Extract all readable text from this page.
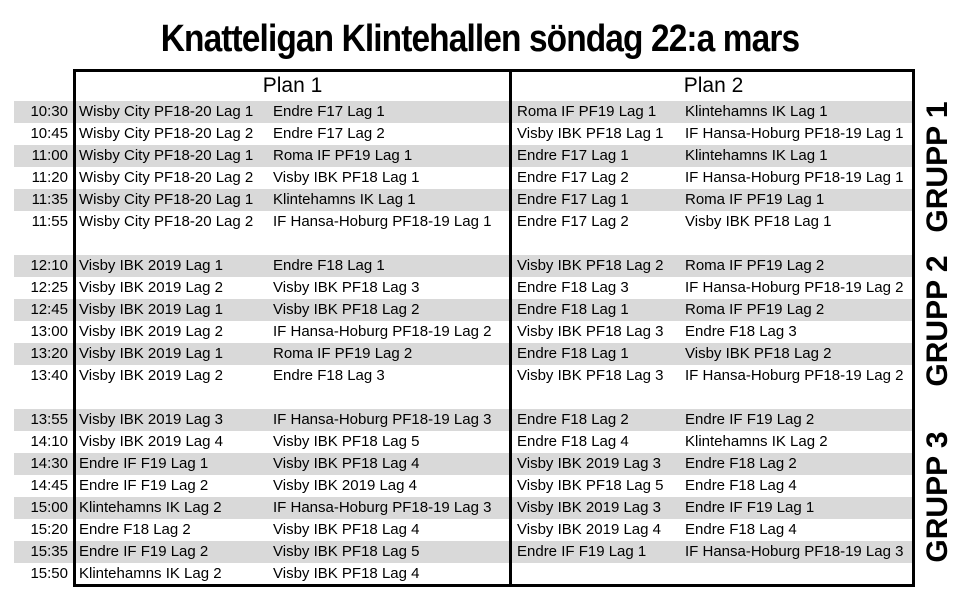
Knatteligan Klintehallen söndag 22:a mars
10:30 Wisby City PF18-20 Lag 1	Endre F17 Lag 1	Roma IF PF19 Lag 1	Klintehamns IK Lag 1
10:45 Wisby City PF18-20 Lag 2	Endre F17 Lag 2	Visby IBK PF18 Lag 1	IF Hansa-Hoburg PF18-19 Lag 1
11:00 Wisby City PF18-20 Lag 1	Roma IF PF19 Lag 1	Endre F17 Lag 1	Klintehamns IK Lag 1
11:20 Wisby City PF18-20 Lag 2	Visby IBK PF18 Lag 1	Endre F17 Lag 2	IF Hansa-Hoburg PF18-19 Lag 1
11:35 Wisby City PF18-20 Lag 1	Klintehamns IK Lag 1	Endre F17 Lag 1	Roma IF PF19 Lag 1
11:55 Wisby City PF18-20 Lag 2	IF Hansa-Hoburg PF18-19 Lag 1	Endre F17 Lag 2	Visby IBK PF18 Lag 1
12:10 Visby IBK 2019 Lag 1	Endre F18 Lag 1	Visby IBK PF18 Lag 2	Roma IF PF19 Lag 2
12:25 Visby IBK 2019 Lag 2	Visby IBK PF18 Lag 3	Endre F18 Lag 3	IF Hansa-Hoburg PF18-19 Lag 2
12:45 Visby IBK 2019 Lag 1	Visby IBK PF18 Lag 2	Endre F18 Lag 1	Roma IF PF19 Lag 2
13:00 Visby IBK 2019 Lag 2	IF Hansa-Hoburg PF18-19 Lag 2	Visby IBK PF18 Lag 3	Endre F18 Lag 3
13:20 Visby IBK 2019 Lag 1	Roma IF PF19 Lag 2	Endre F18 Lag 1	Visby IBK PF18 Lag 2
13:40 Visby IBK 2019 Lag 2	Endre F18 Lag 3	Visby IBK PF18 Lag 3	IF Hansa-Hoburg PF18-19 Lag 2
13:55 Visby IBK 2019 Lag 3	IF Hansa-Hoburg PF18-19 Lag 3	Endre F18 Lag 2	Endre IF F19 Lag 2
14:10 Visby IBK 2019 Lag 4	Visby IBK PF18 Lag 5	Endre F18 Lag 4	Klintehamns IK Lag 2
14:30 Endre IF F19 Lag 1	Visby IBK PF18 Lag 4	Visby IBK 2019 Lag 3	Endre F18 Lag 2
14:45 Endre IF F19 Lag 2	Visby IBK 2019 Lag 4	Visby IBK PF18 Lag 5	Endre F18 Lag 4
15:00 Klintehamns IK Lag 2	IF Hansa-Hoburg PF18-19 Lag 3	Visby IBK 2019 Lag 3	Endre IF F19 Lag 1
15:20 Endre F18 Lag 2	Visby IBK PF18 Lag 4	Visby IBK 2019 Lag 4	Endre F18 Lag 4
15:35 Endre IF F19 Lag 2	Visby IBK PF18 Lag 5	Endre IF F19 Lag 1	IF Hansa-Hoburg PF18-19 Lag 3
15:50 Klintehamns IK Lag 2	Visby IBK PF18 Lag 4
Plan 1	Plan 2
GRUPP 1
GRUPP 2
GRUPP 3
